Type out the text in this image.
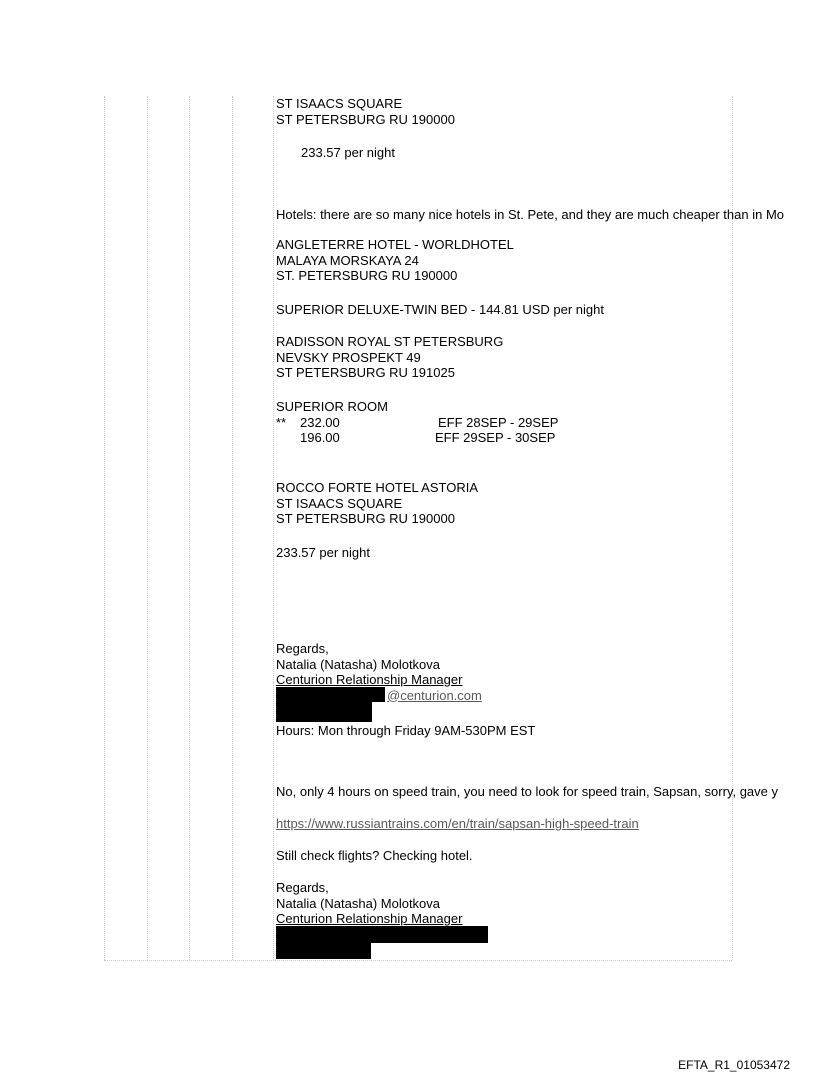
ST ISAACS SQUARE

ST PETERSBURG RU 190000

233.57 per night
Hotels: there are so many nice hotels in St. Pete, and they are much cheaper than in Mo

ANGLETERRE HOTEL - WORLDHOTEL

MALAYA MORSKAYA 24

ST. PETERSBURG RU 190000

SUPERIOR DELUXE-TWIN BED - 144.81 USD per night

RADISSON ROYAL ST PETERSBURG

NEVSKY PROSPEKT 49

ST PETERSBURG RU 191025

SUPERIOR ROOM

** 232.00	EFF 28SEP - 29SEP
196.00	EFF 29SEP - 30SEP

ROCCO FORTE HOTEL ASTORIA

ST ISAACS SQUARE

ST PETERSBURG RU 190000

233.57 per night

Regards,

Natalia (Natasha) Molotkova

Centurion Relationship Manager

@centurion.com

Hours: Mon through Friday 9AM-530PM EST
No, only 4 hours on speed train, you need to look for speed train, Sapsan, sorry, gave y
https://www.russiantrains.com/en/train/sapsan-high-speed-train
Still check flights? Checking hotel.

Regards,

Natalia (Natasha) Molotkova

Centurion Relationship Manager

EFTA_R1_01053472
